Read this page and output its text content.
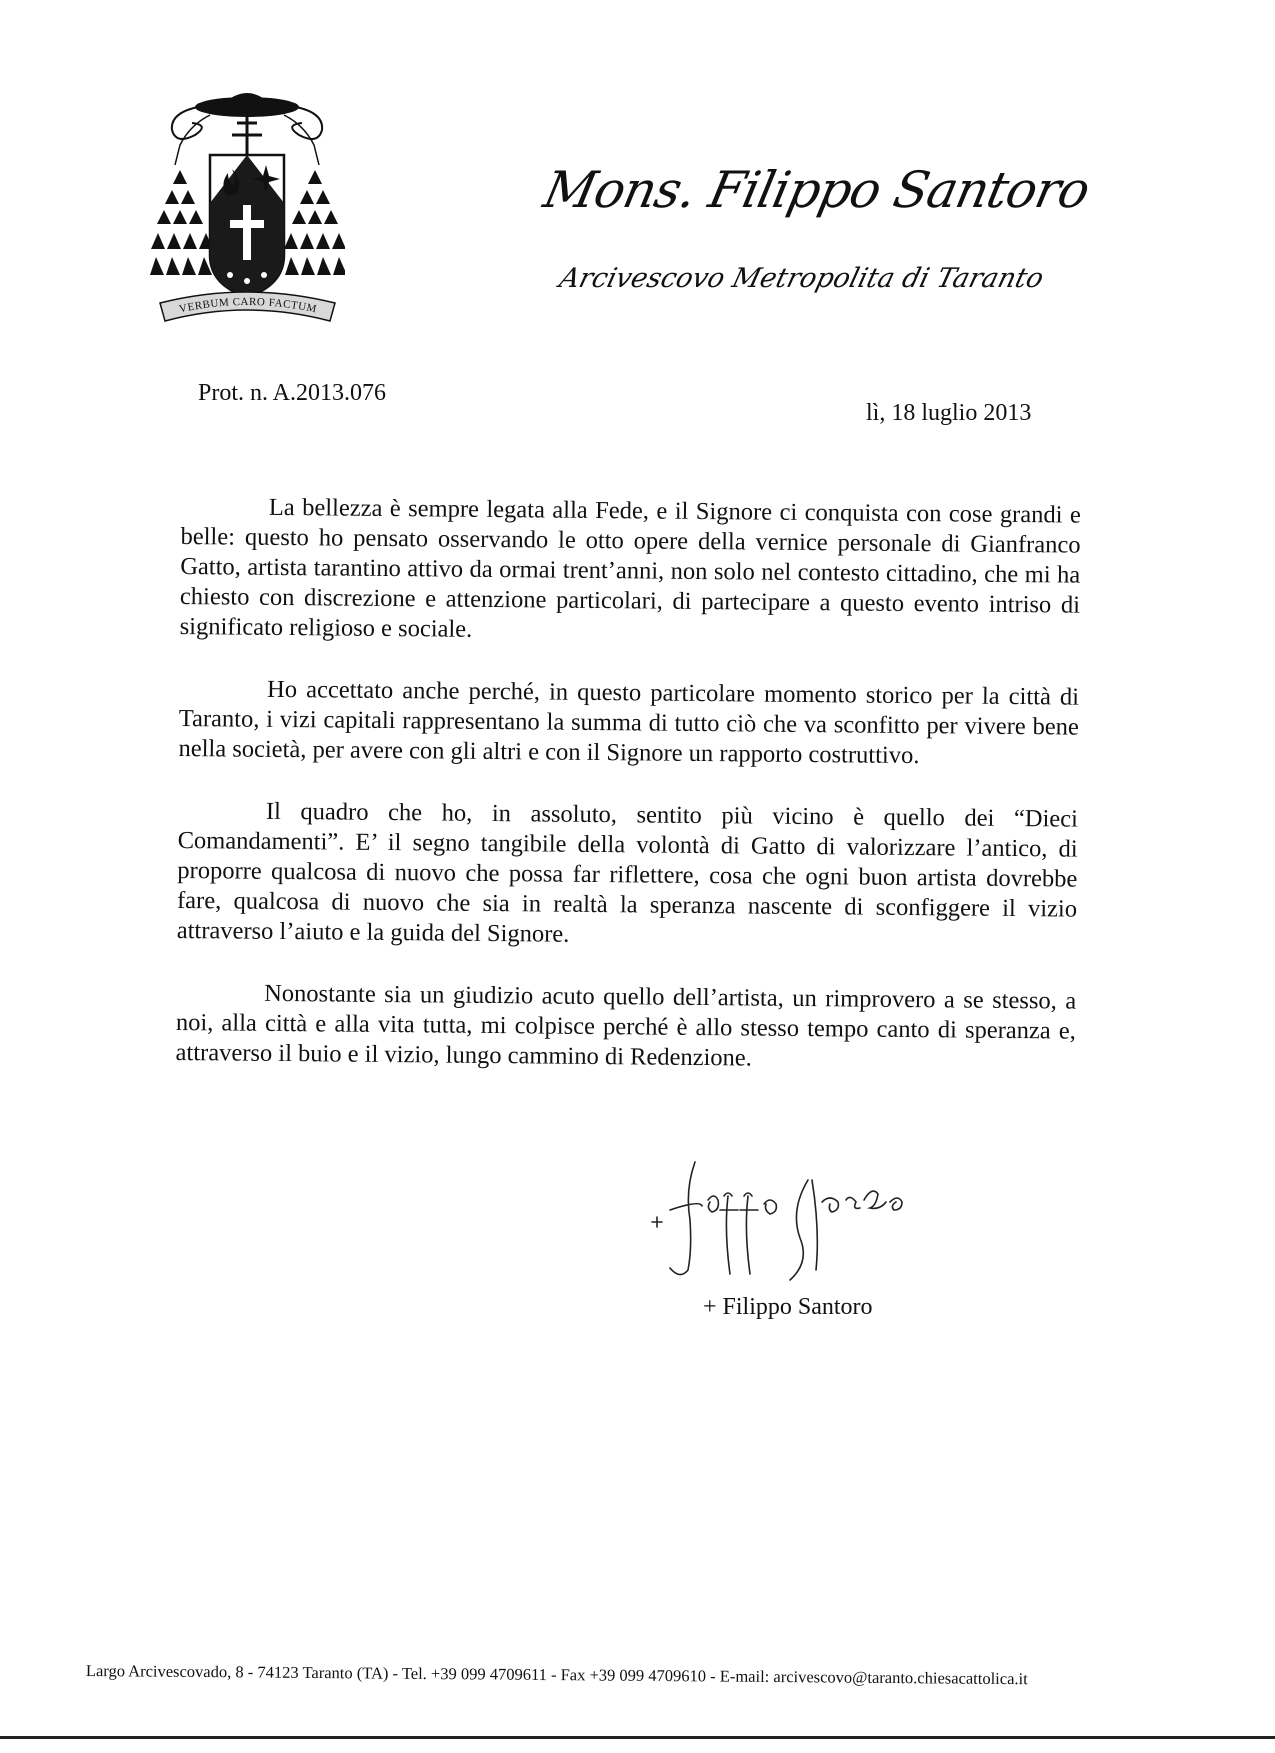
VERBUM CARO FACTUM
Mons. Filippo Santoro
Arcivescovo Metropolita di Taranto
Prot. n. A.2013.076
lì, 18 luglio 2013

La bellezza è sempre legata alla Fede, e il Signore ci conquista con cose grandi e belle: questo ho pensato osservando le otto opere della vernice personale di Gianfranco Gatto, artista tarantino attivo da ormai trent’anni, non solo nel contesto cittadino, che mi ha chiesto con discrezione e attenzione particolari, di partecipare a questo evento intriso di significato religioso e sociale.

Ho accettato anche perché, in questo particolare momento storico per la città di Taranto, i vizi capitali rappresentano la summa di tutto ciò che va sconfitto per vivere bene nella società, per avere con gli altri e con il Signore un rapporto costruttivo.

Il quadro che ho, in assoluto, sentito più vicino è quello dei “Dieci Comandamenti”. E’ il segno tangibile della volontà di Gatto di valorizzare l’antico, di proporre qualcosa di nuovo che possa far riflettere, cosa che ogni buon artista dovrebbe fare, qualcosa di nuovo che sia in realtà la speranza nascente di sconfiggere il vizio attraverso l’aiuto e la guida del Signore.

Nonostante sia un giudizio acuto quello dell’artista, un rimprovero a se stesso, a noi, alla città e alla vita tutta, mi colpisce perché è allo stesso tempo canto di speranza e, attraverso il buio e il vizio, lungo cammino di Redenzione.

+ Filippo Santoro
Largo Arcivescovado, 8 - 74123 Taranto (TA) - Tel. +39 099 4709611 - Fax +39 099 4709610 - E-mail: arcivescovo@taranto.chiesacattolica.it
